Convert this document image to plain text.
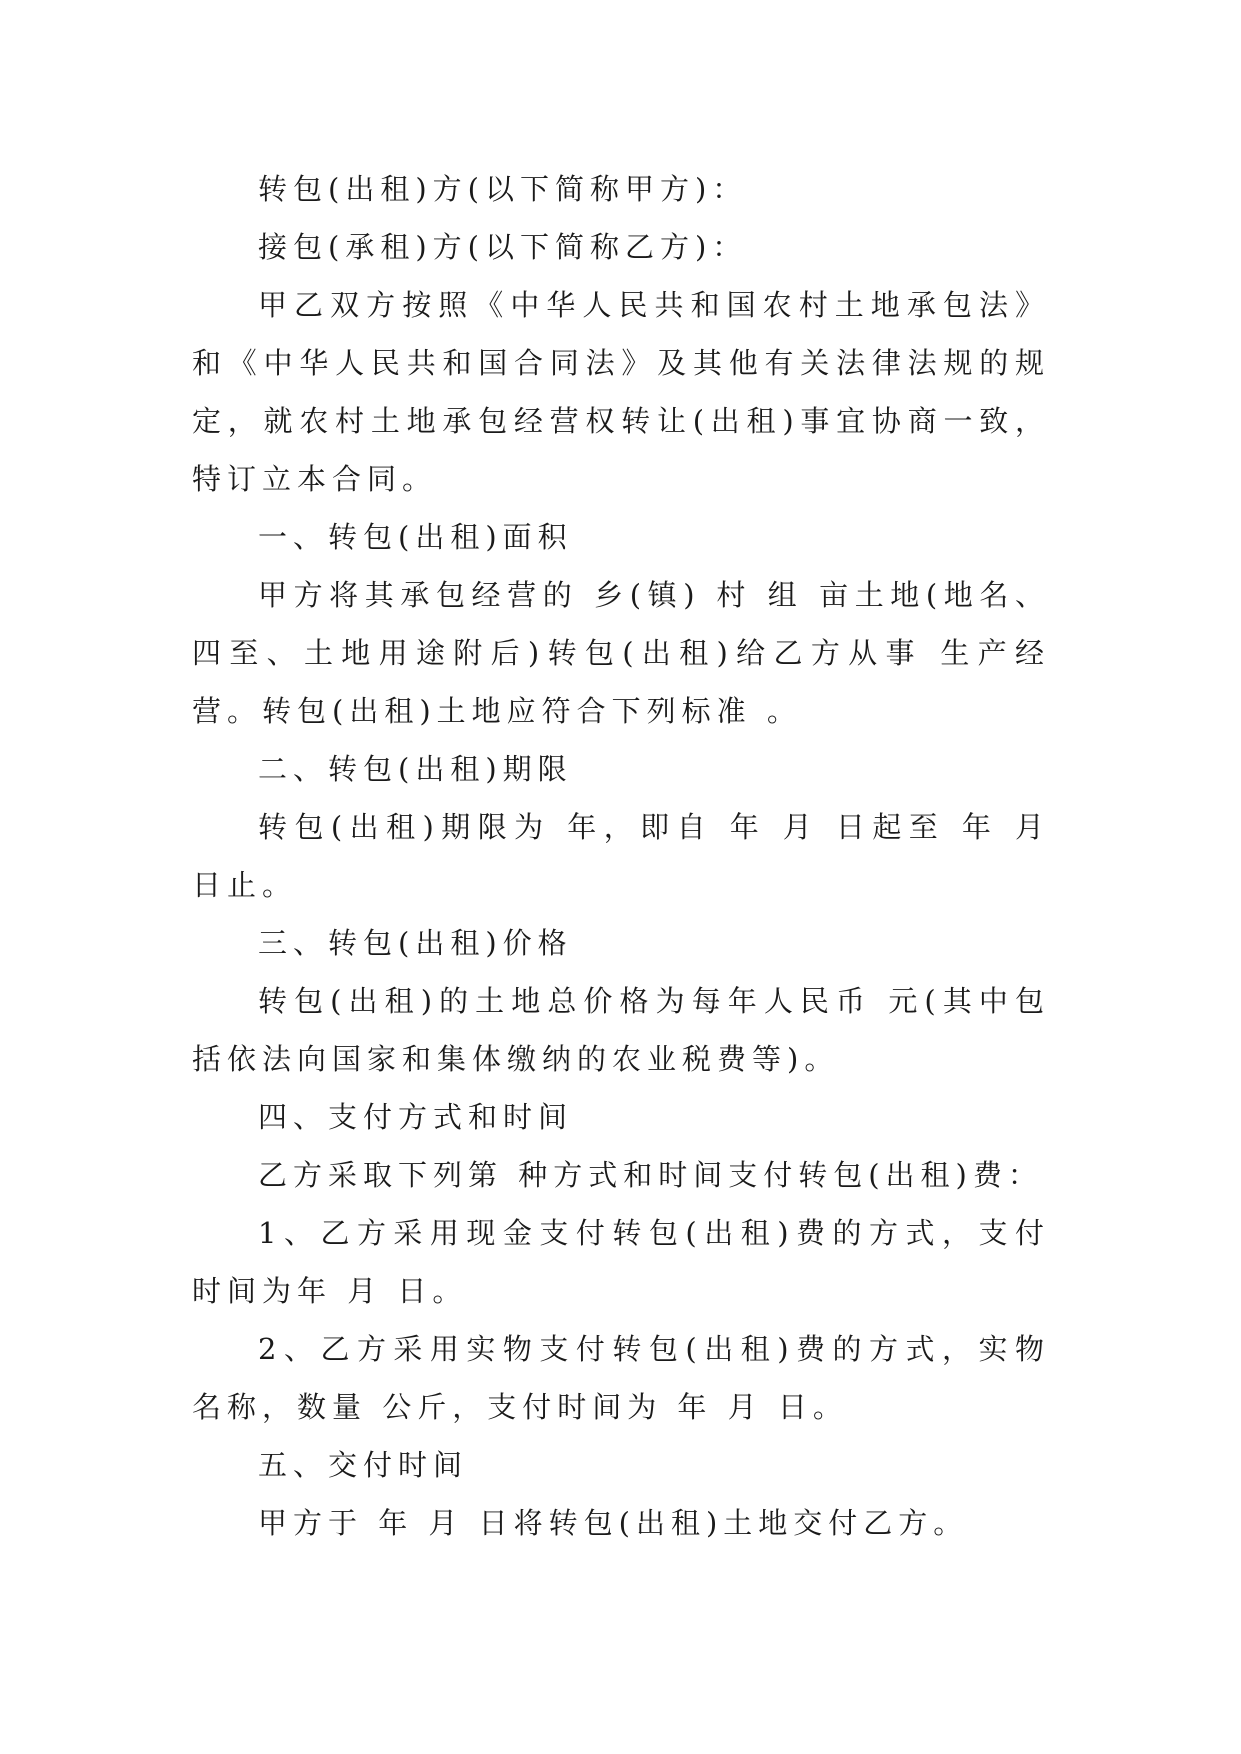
转包(出租)方(以下简称甲方)：

接包(承租)方(以下简称乙方)：

甲乙双方按照《中华人民共和国农村土地承包法》和《中华人民共和国合同法》及其他有关法律法规的规定，就农村土地承包经营权转让(出租)事宜协商一致，特订立本合同。

一、转包(出租)面积

甲方将其承包经营的 乡(镇) 村 组 亩土地(地名、四至、土地用途附后)转包(出租)给乙方从事 生产经营。转包(出租)土地应符合下列标准 。

二、转包(出租)期限

转包(出租)期限为 年，即自 年 月 日起至 年 月 日止。

三、转包(出租)价格

转包(出租)的土地总价格为每年人民币 元(其中包括依法向国家和集体缴纳的农业税费等)。

四、支付方式和时间

乙方采取下列第 种方式和时间支付转包(出租)费：

1、乙方采用现金支付转包(出租)费的方式，支付时间为年 月 日。

2、乙方采用实物支付转包(出租)费的方式，实物名称，数量 公斤，支付时间为 年 月 日。

五、交付时间

甲方于 年 月 日将转包(出租)土地交付乙方。
